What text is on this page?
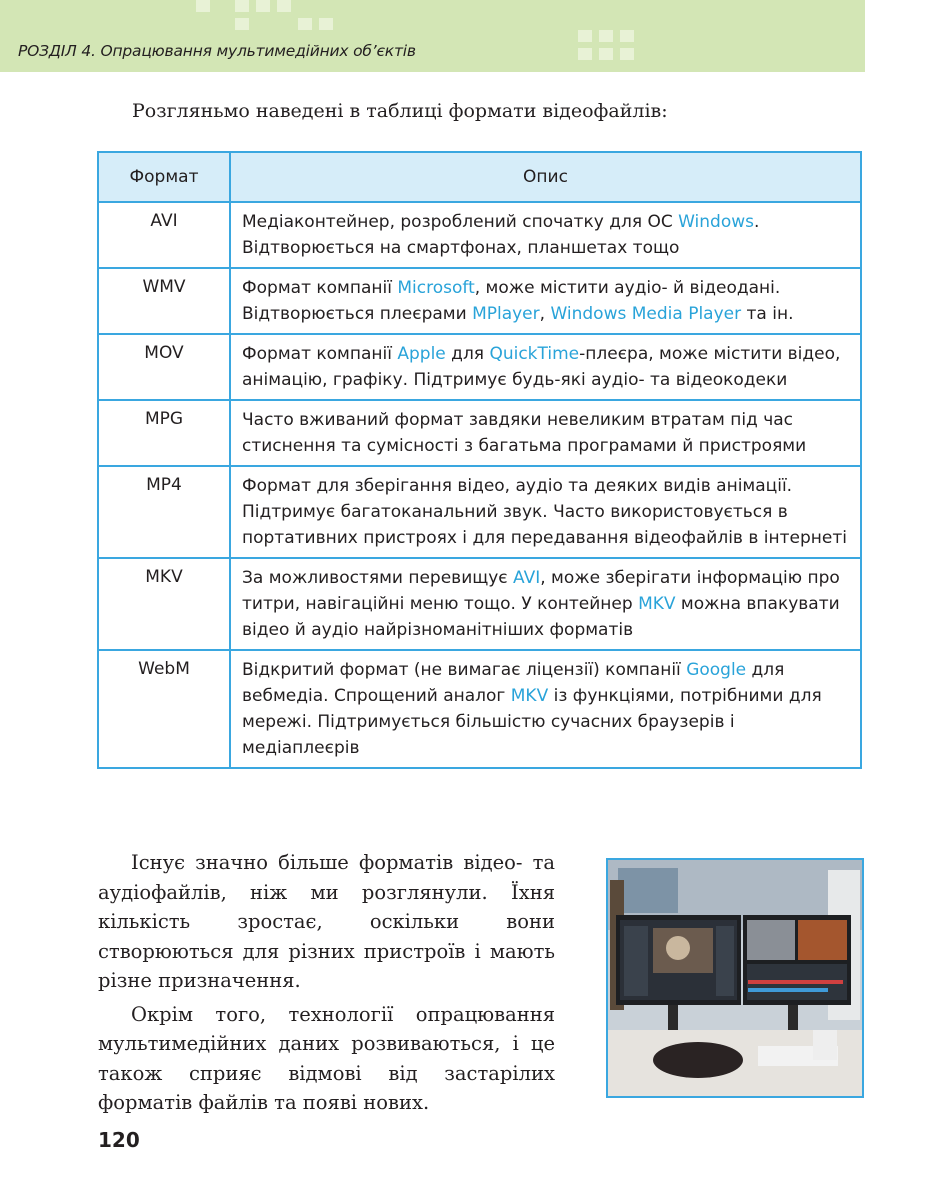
РОЗДІЛ 4. Опрацювання мультимедійних об’єктів
Розгляньмо наведені в таблиці формати відеофайлів:
Формат	Опис
AVI	Медіаконтейнер, розроблений спочатку для ОС Windows. Відтворюється на смартфонах, планшетах тощо
WMV	Формат компанії Microsoft, може містити аудіо- й відеодані. Відтворюється плеєрами MPlayer, Windows Media Player та ін.
MOV	Формат компанії Apple для QuickTime-плеєра, може містити відео, анімацію, графіку. Підтримує будь-які аудіо- та відеокодеки
MPG	Часто вживаний формат завдяки невеликим втратам під час стиснення та сумісності з багатьма програмами й пристроями
MP4	Формат для зберігання відео, аудіо та деяких видів анімації. Підтримує багатоканальний звук. Часто використовується в портативних пристроях і для передавання відеофайлів в інтернеті
MKV	За можливостями перевищує AVI, може зберігати інформацію про титри, навігаційні меню тощо. У контейнер MKV можна впакувати відео й аудіо найрізноманітніших форматів
WebM	Відкритий формат (не вимагає ліцензії) компанії Google для вебмедіа. Спрощений аналог MKV із функціями, потрібними для мережі. Підтримується більшістю сучасних браузерів і медіаплеєрів

Існує значно більше форматів відео- та аудіофайлів, ніж ми розглянули. Їхня кількість зростає, оскільки вони створюються для різних пристроїв і мають різне призначення.

Окрім того, технології опрацювання мультимедійних даних розвиваються, і це також сприяє відмові від застарілих форматів файлів та появі нових.

120
